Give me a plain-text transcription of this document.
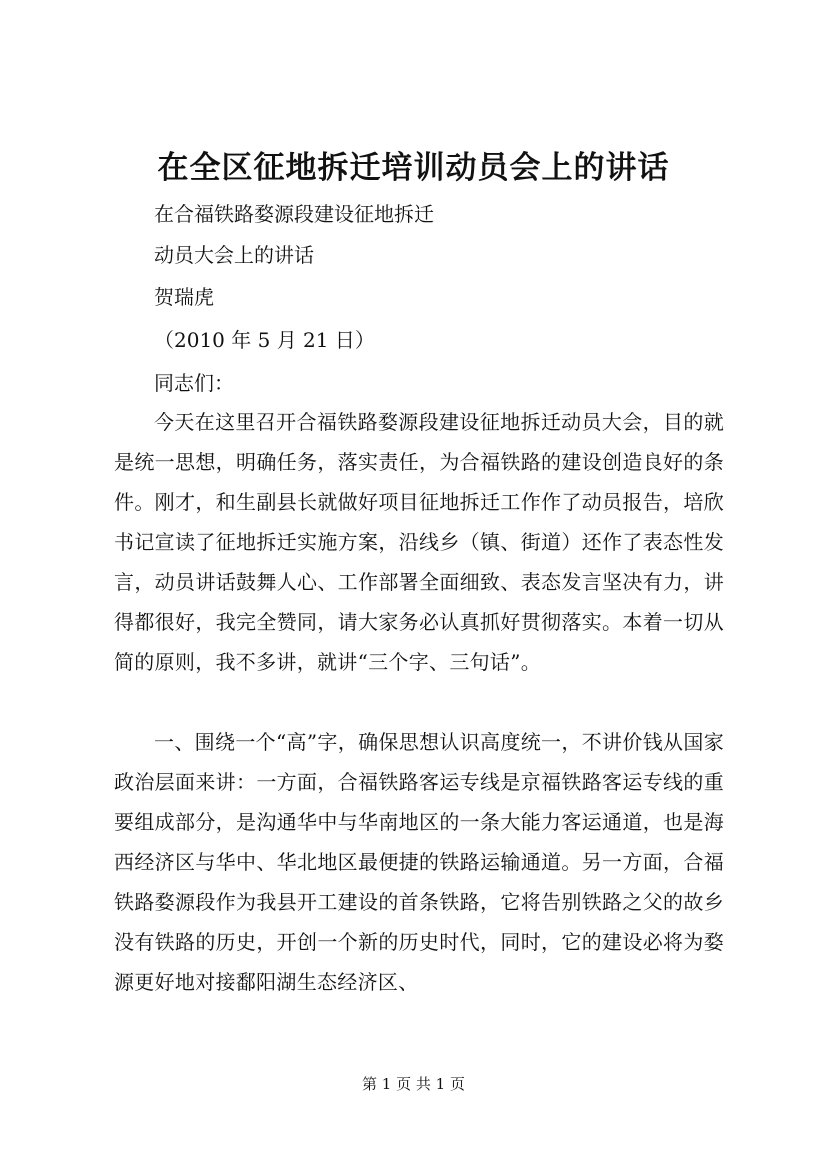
在全区征地拆迁培训动员会上的讲话
在合福铁路婺源段建设征地拆迁
动员大会上的讲话
贺瑞虎
（2010 年 5 月 21 日）
同志们：
今天在这里召开合福铁路婺源段建设征地拆迁动员大会，目的就是统一思想，明确任务，落实责任，为合福铁路的建设创造良好的条件。刚才，和生副县长就做好项目征地拆迁工作作了动员报告，培欣书记宣读了征地拆迁实施方案，沿线乡（镇、街道）还作了表态性发言，动员讲话鼓舞人心、工作部署全面细致、表态发言坚决有力，讲得都很好，我完全赞同，请大家务必认真抓好贯彻落实。本着一切从简的原则，我不多讲，就讲“三个字、三句话”。
一、围绕一个“高”字，确保思想认识高度统一，不讲价钱从国家政治层面来讲：一方面，合福铁路客运专线是京福铁路客运专线的重要组成部分，是沟通华中与华南地区的一条大能力客运通道，也是海西经济区与华中、华北地区最便捷的铁路运输通道。另一方面，合福铁路婺源段作为我县开工建设的首条铁路，它将告别铁路之父的故乡没有铁路的历史，开创一个新的历史时代，同时，它的建设必将为婺源更好地对接鄱阳湖生态经济区、
第 1 页 共 1 页
